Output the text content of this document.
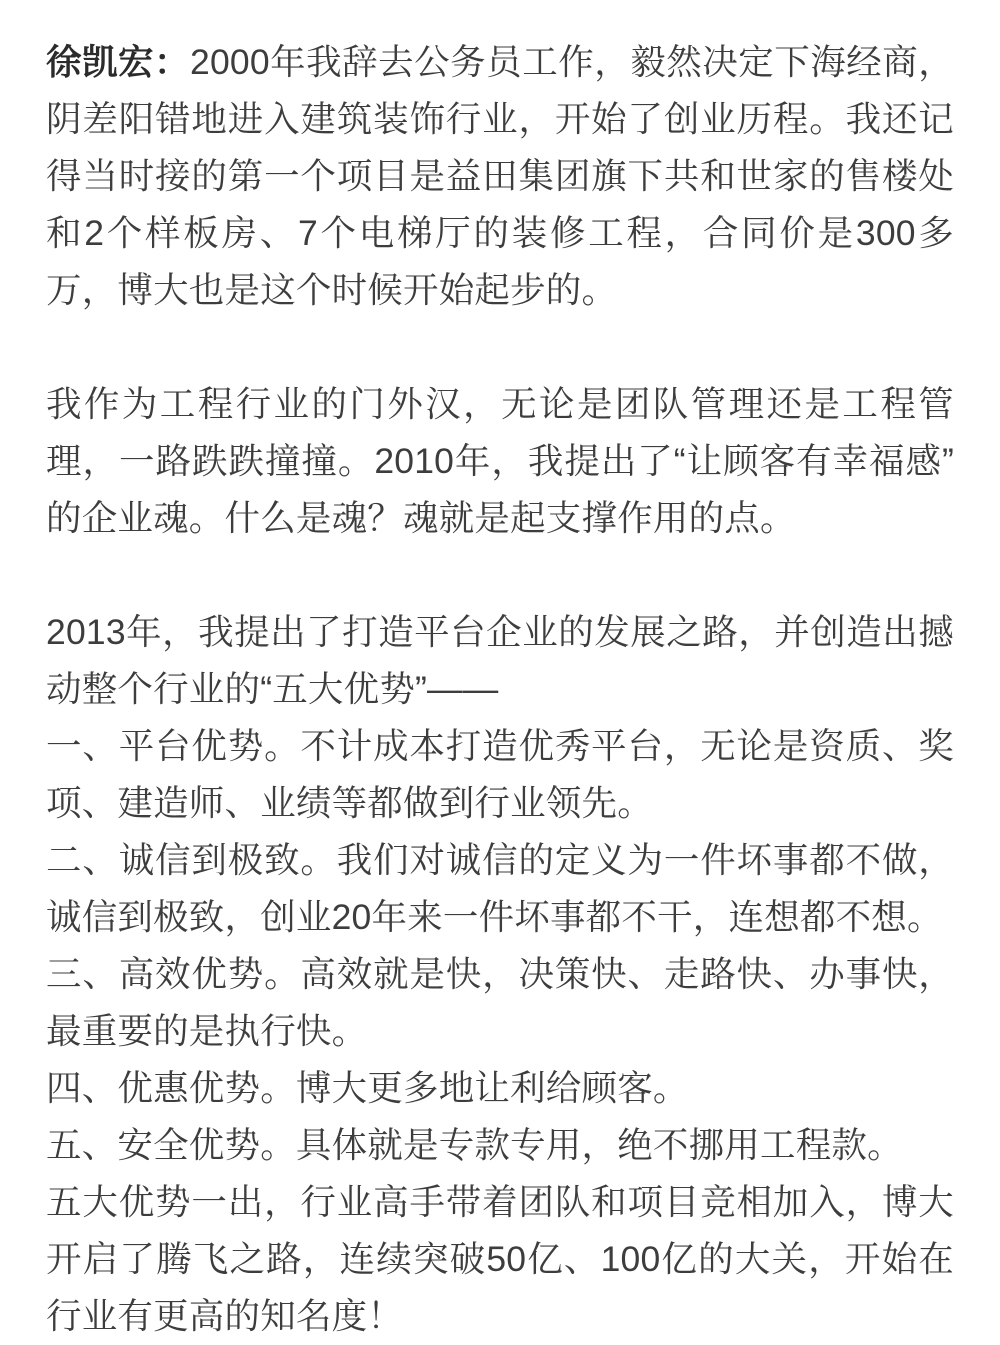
徐凯宏：2000年我辞去公务员工作，毅然决定下海经商，阴差阳错地进入建筑装饰行业，开始了创业历程。我还记得当时接的第一个项目是益田集团旗下共和世家的售楼处和2个样板房、7个电梯厅的装修工程，合同价是300多万，博大也是这个时候开始起步的。

我作为工程行业的门外汉，无论是团队管理还是工程管理，一路跌跌撞撞。2010年，我提出了“让顾客有幸福感”的企业魂。什么是魂？魂就是起支撑作用的点。

2013年，我提出了打造平台企业的发展之路，并创造出撼动整个行业的“五大优势”——

一、平台优势。不计成本打造优秀平台，无论是资质、奖项、建造师、业绩等都做到行业领先。

二、诚信到极致。我们对诚信的定义为一件坏事都不做，诚信到极致，创业20年来一件坏事都不干，连想都不想。

三、高效优势。高效就是快，决策快、走路快、办事快，最重要的是执行快。

四、优惠优势。博大更多地让利给顾客。

五、安全优势。具体就是专款专用，绝不挪用工程款。

五大优势一出，行业高手带着团队和项目竞相加入，博大开启了腾飞之路，连续突破50亿、100亿的大关，开始在行业有更高的知名度！
